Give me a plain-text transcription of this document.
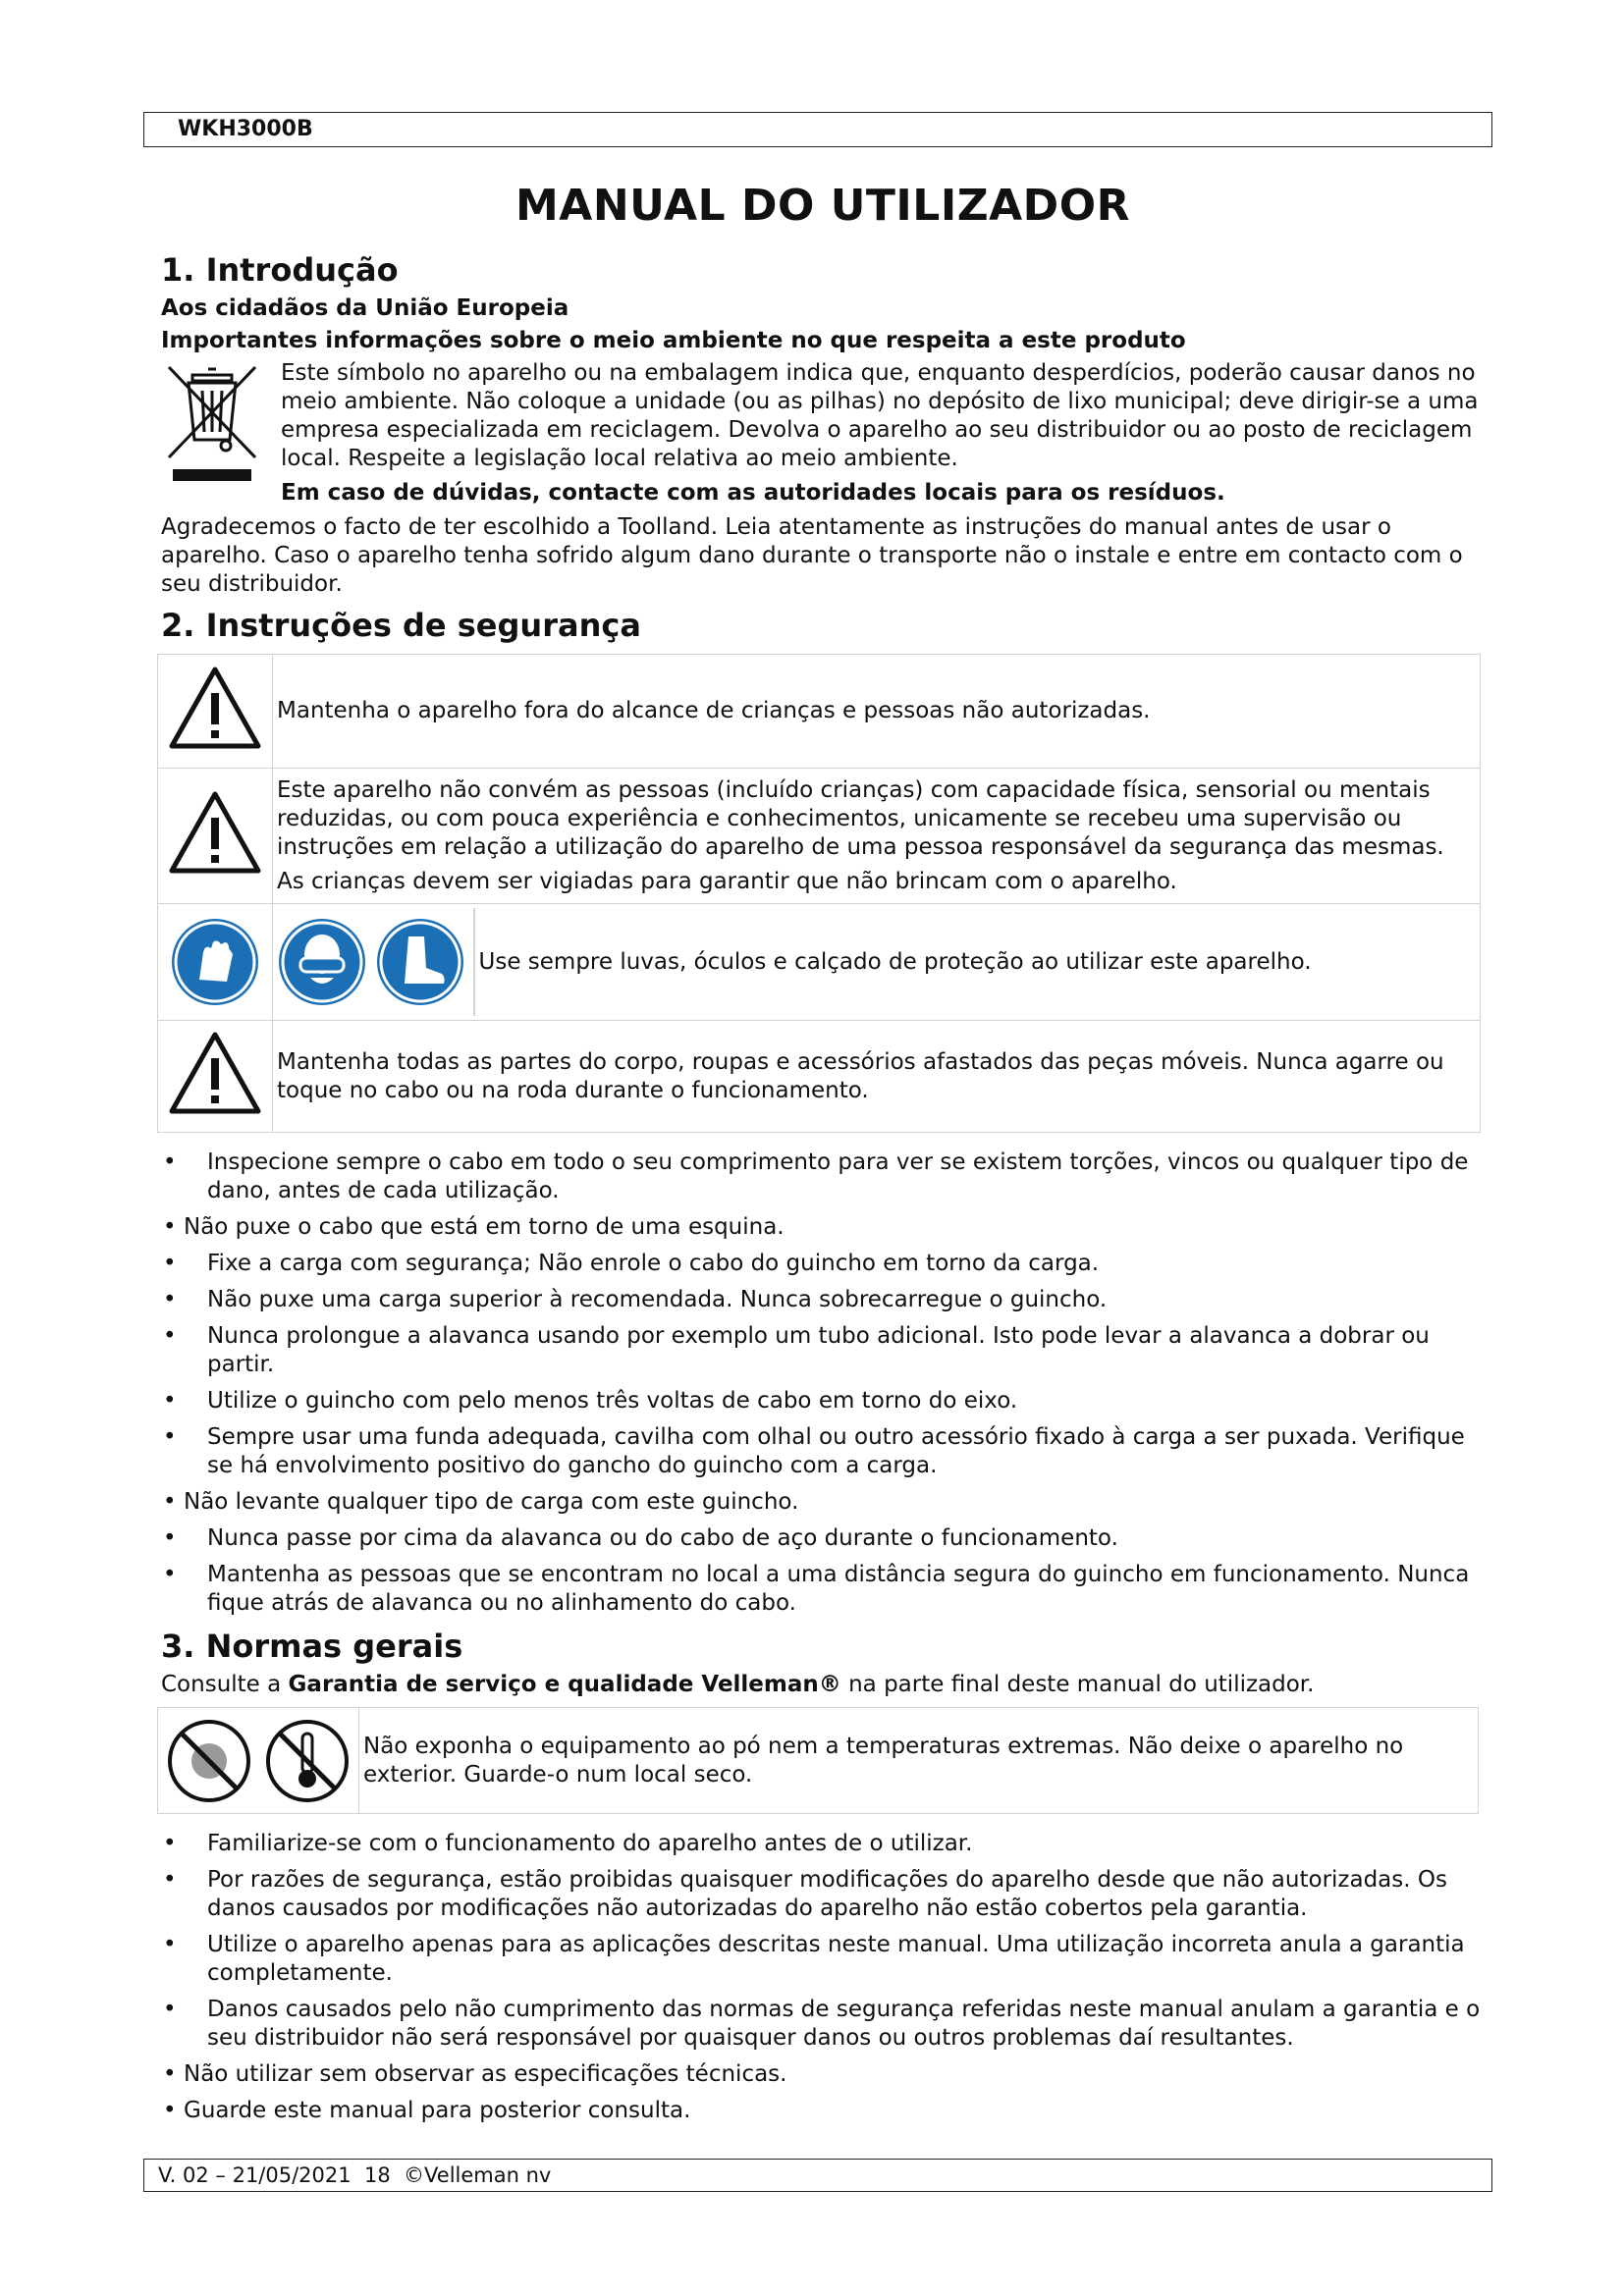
WKH3000B
MANUAL DO UTILIZADOR
1. Introdução
Aos cidadãos da União Europeia
Importantes informações sobre o meio ambiente no que respeita a este produto
Este símbolo no aparelho ou na embalagem indica que, enquanto desperdícios, poderão causar danos no meio ambiente. Não coloque a unidade (ou as pilhas) no depósito de lixo municipal; deve dirigir-se a uma empresa especializada em reciclagem. Devolva o aparelho ao seu distribuidor ou ao posto de reciclagem local. Respeite a legislação local relativa ao meio ambiente.
Em caso de dúvidas, contacte com as autoridades locais para os resíduos.

Agradecemos o facto de ter escolhido a Toolland. Leia atentamente as instruções do manual antes de usar o aparelho. Caso o aparelho tenha sofrido algum dano durante o transporte não o instale e entre em contacto com o seu distribuidor.

2. Instruções de segurança
	Mantenha o aparelho fora do alcance de crianças e pessoas não autorizadas.

Este aparelho não convém as pessoas (incluído crianças) com capacidade física, sensorial ou mentais reduzidas, ou com pouca experiência e conhecimentos, unicamente se recebeu uma supervisão ou instruções em relação a utilização do aparelho de uma pessoa responsável da segurança das mesmas.
As crianças devem ser vigiadas para garantir que não brincam com o aparelho.

Use sempre luvas, óculos e calçado de proteção ao utilizar este aparelho.

	Mantenha todas as partes do corpo, roupas e acessórios afastados das peças móveis. Nunca agarre ou toque no cabo ou na roda durante o funcionamento.
• Inspecione sempre o cabo em todo o seu comprimento para ver se existem torções, vincos ou qualquer tipo de dano, antes de cada utilização.
• Não puxe o cabo que está em torno de uma esquina.
• Fixe a carga com segurança; Não enrole o cabo do guincho em torno da carga.
• Não puxe uma carga superior à recomendada. Nunca sobrecarregue o guincho.
• Nunca prolongue a alavanca usando por exemplo um tubo adicional. Isto pode levar a alavanca a dobrar ou partir.
• Utilize o guincho com pelo menos três voltas de cabo em torno do eixo.
• Sempre usar uma funda adequada, cavilha com olhal ou outro acessório fixado à carga a ser puxada. Verifique se há envolvimento positivo do gancho do guincho com a carga.
• Não levante qualquer tipo de carga com este guincho.
• Nunca passe por cima da alavanca ou do cabo de aço durante o funcionamento.
• Mantenha as pessoas que se encontram no local a uma distância segura do guincho em funcionamento. Nunca fique atrás de alavanca ou no alinhamento do cabo.
3. Normas gerais
Consulte a Garantia de serviço e qualidade Velleman® na parte final deste manual do utilizador.
	Não exponha o equipamento ao pó nem a temperaturas extremas. Não deixe o aparelho no exterior. Guarde-o num local seco.
• Familiarize-se com o funcionamento do aparelho antes de o utilizar.
• Por razões de segurança, estão proibidas quaisquer modificações do aparelho desde que não autorizadas. Os danos causados por modificações não autorizadas do aparelho não estão cobertos pela garantia.
• Utilize o aparelho apenas para as aplicações descritas neste manual. Uma utilização incorreta anula a garantia completamente.
• Danos causados pelo não cumprimento das normas de segurança referidas neste manual anulam a garantia e o seu distribuidor não será responsável por quaisquer danos ou outros problemas daí resultantes.
• Não utilizar sem observar as especificações técnicas.
• Guarde este manual para posterior consulta.
V. 02 – 21/05/2021  18  ©Velleman nv
